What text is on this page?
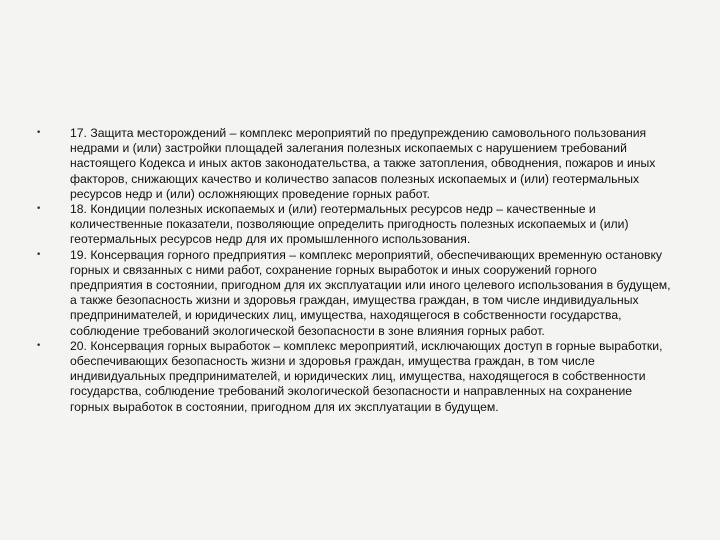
•	17. Защита месторождений – комплекс мероприятий по предупреждению самовольного пользования недрами и (или) застройки площадей залегания полезных ископаемых с нарушением требований настоящего Кодекса и иных актов законодательства, а также затопления, обводнения, пожаров и иных факторов, снижающих качество и количество запасов полезных ископаемых и (или) геотермальных ресурсов недр и (или) осложняющих проведение горных работ.
•	18. Кондиции полезных ископаемых и (или) геотермальных ресурсов недр – качественные и количественные показатели, позволяющие определить пригодность полезных ископаемых и (или) геотермальных ресурсов недр для их промышленного использования.
•	19. Консервация горного предприятия – комплекс мероприятий, обеспечивающих временную остановку горных и связанных с ними работ, сохранение горных выработок и иных сооружений горного предприятия в состоянии, пригодном для их эксплуатации или иного целевого использования в будущем, а также безопасность жизни и здоровья граждан, имущества граждан, в том числе индивидуальных предпринимателей, и юридических лиц, имущества, находящегося в собственности государства, соблюдение требований экологической безопасности в зоне влияния горных работ.
•	20. Консервация горных выработок – комплекс мероприятий, исключающих доступ в горные выработки, обеспечивающих безопасность жизни и здоровья граждан, имущества граждан, в том числе индивидуальных предпринимателей, и юридических лиц, имущества, находящегося в собственности государства, соблюдение требований экологической безопасности и направленных на сохранение горных выработок в состоянии, пригодном для их эксплуатации в будущем.
